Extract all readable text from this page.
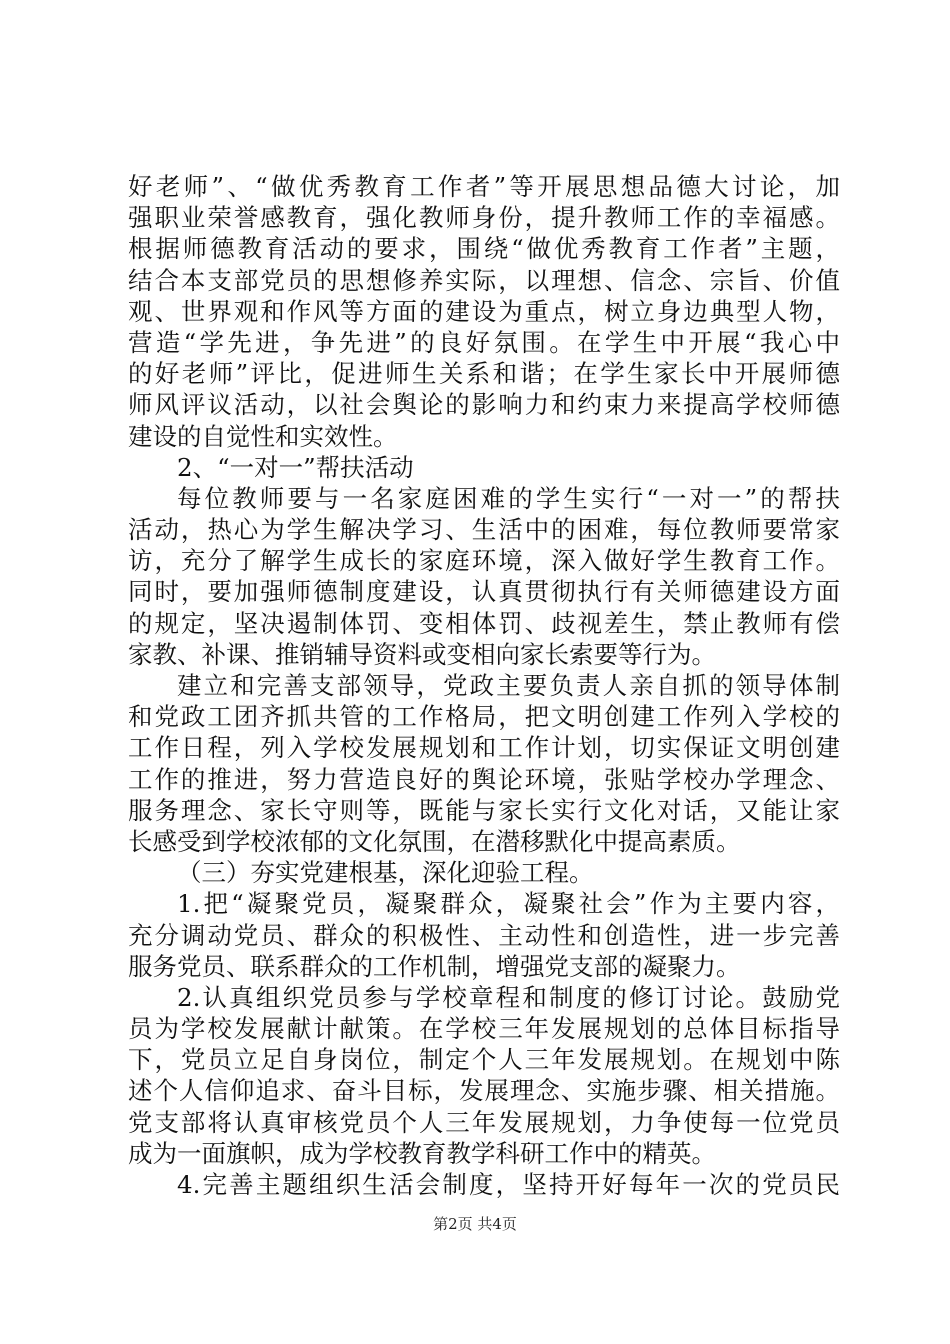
好老师”、“做优秀教育工作者”等开展思想品德大讨论，加
强职业荣誉感教育，强化教师身份，提升教师工作的幸福感。
根据师德教育活动的要求，围绕“做优秀教育工作者”主题，
结合本支部党员的思想修养实际，以理想、信念、宗旨、价值
观、世界观和作风等方面的建设为重点，树立身边典型人物，
营造“学先进，争先进”的良好氛围。在学生中开展“我心中
的好老师”评比，促进师生关系和谐；在学生家长中开展师德
师风评议活动，以社会舆论的影响力和约束力来提高学校师德
建设的自觉性和实效性。
2、“一对一”帮扶活动
每位教师要与一名家庭困难的学生实行“一对一”的帮扶
活动，热心为学生解决学习、生活中的困难，每位教师要常家
访，充分了解学生成长的家庭环境，深入做好学生教育工作。
同时，要加强师德制度建设，认真贯彻执行有关师德建设方面
的规定，坚决遏制体罚、变相体罚、歧视差生，禁止教师有偿
家教、补课、推销辅导资料或变相向家长索要等行为。
建立和完善支部领导，党政主要负责人亲自抓的领导体制
和党政工团齐抓共管的工作格局，把文明创建工作列入学校的
工作日程，列入学校发展规划和工作计划，切实保证文明创建
工作的推进，努力营造良好的舆论环境，张贴学校办学理念、
服务理念、家长守则等，既能与家长实行文化对话，又能让家
长感受到学校浓郁的文化氛围，在潜移默化中提高素质。
（三）夯实党建根基，深化迎验工程。
1.把“凝聚党员，凝聚群众，凝聚社会”作为主要内容，
充分调动党员、群众的积极性、主动性和创造性，进一步完善
服务党员、联系群众的工作机制，增强党支部的凝聚力。
2.认真组织党员参与学校章程和制度的修订讨论。鼓励党
员为学校发展献计献策。在学校三年发展规划的总体目标指导
下，党员立足自身岗位，制定个人三年发展规划。在规划中陈
述个人信仰追求、奋斗目标，发展理念、实施步骤、相关措施。
党支部将认真审核党员个人三年发展规划，力争使每一位党员
成为一面旗帜，成为学校教育教学科研工作中的精英。
4.完善主题组织生活会制度，坚持开好每年一次的党员民
第2页 共4页
